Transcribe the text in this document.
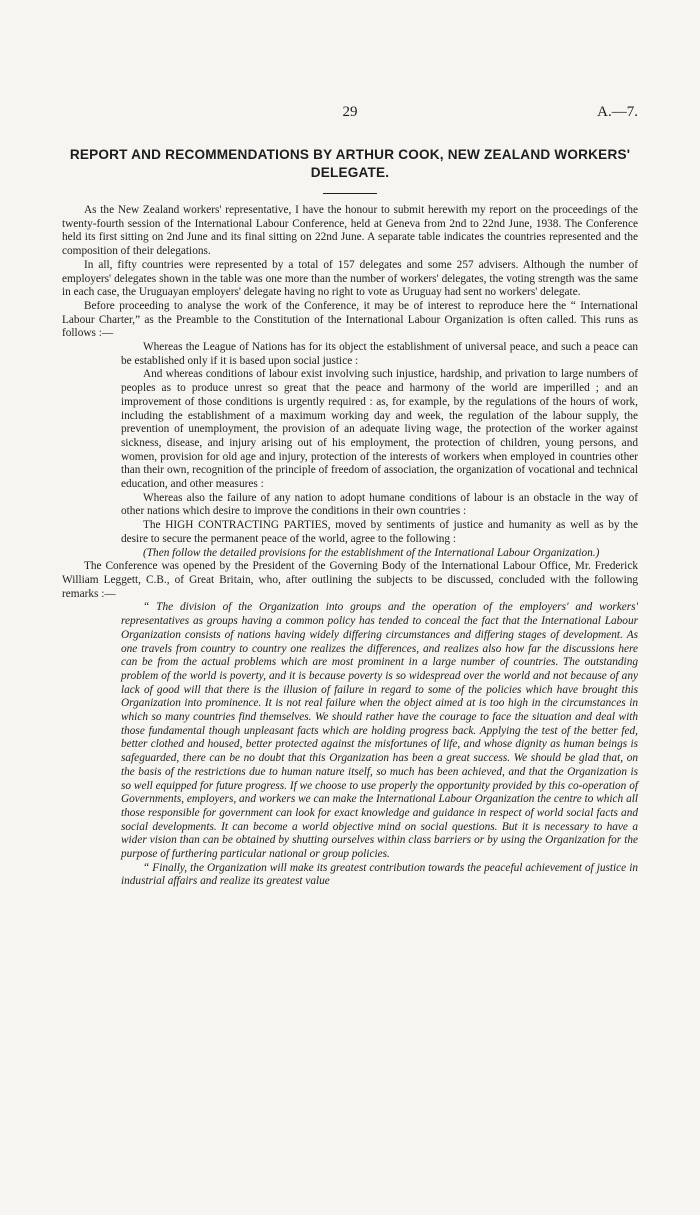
29	A.—7.
REPORT AND RECOMMENDATIONS BY ARTHUR COOK, NEW ZEALAND WORKERS' DELEGATE.

As the New Zealand workers' representative, I have the honour to submit herewith my report on the proceedings of the twenty-fourth session of the International Labour Conference, held at Geneva from 2nd to 22nd June, 1938. The Conference held its first sitting on 2nd June and its final sitting on 22nd June. A separate table indicates the countries represented and the composition of their delegations.

In all, fifty countries were represented by a total of 157 delegates and some 257 advisers. Although the number of employers' delegates shown in the table was one more than the number of workers' delegates, the voting strength was the same in each case, the Uruguayan employers' delegate having no right to vote as Uruguay had sent no workers' delegate.

Before proceeding to analyse the work of the Conference, it may be of interest to reproduce here the “ International Labour Charter,” as the Preamble to the Constitution of the International Labour Organization is often called. This runs as follows :—

Whereas the League of Nations has for its object the establishment of universal peace, and such a peace can be established only if it is based upon social justice :

And whereas conditions of labour exist involving such injustice, hardship, and privation to large numbers of peoples as to produce unrest so great that the peace and harmony of the world are imperilled ; and an improvement of those conditions is urgently required : as, for example, by the regulations of the hours of work, including the establishment of a maximum working day and week, the regulation of the labour supply, the prevention of unemployment, the provision of an adequate living wage, the protection of the worker against sickness, disease, and injury arising out of his employment, the protection of children, young persons, and women, provision for old age and injury, protection of the interests of workers when employed in countries other than their own, recognition of the principle of freedom of association, the organization of vocational and technical education, and other measures :

Whereas also the failure of any nation to adopt humane conditions of labour is an obstacle in the way of other nations which desire to improve the conditions in their own countries :

The HIGH CONTRACTING PARTIES, moved by sentiments of justice and humanity as well as by the desire to secure the permanent peace of the world, agree to the following :

(Then follow the detailed provisions for the establishment of the International Labour Organization.)

The Conference was opened by the President of the Governing Body of the International Labour Office, Mr. Frederick William Leggett, C.B., of Great Britain, who, after outlining the subjects to be discussed, concluded with the following remarks :—

“ The division of the Organization into groups and the operation of the employers' and workers' representatives as groups having a common policy has tended to conceal the fact that the International Labour Organization consists of nations having widely differing circumstances and differing stages of development. As one travels from country to country one realizes the differences, and realizes also how far the discussions here can be from the actual problems which are most prominent in a large number of countries. The outstanding problem of the world is poverty, and it is because poverty is so widespread over the world and not because of any lack of good will that there is the illusion of failure in regard to some of the policies which have brought this Organization into prominence. It is not real failure when the object aimed at is too high in the circumstances in which so many countries find themselves. We should rather have the courage to face the situation and deal with those fundamental though unpleasant facts which are holding progress back. Applying the test of the better fed, better clothed and housed, better protected against the misfortunes of life, and whose dignity as human beings is safeguarded, there can be no doubt that this Organization has been a great success. We should be glad that, on the basis of the restrictions due to human nature itself, so much has been achieved, and that the Organization is so well equipped for future progress. If we choose to use properly the opportunity provided by this co-operation of Governments, employers, and workers we can make the International Labour Organization the centre to which all those responsible for government can look for exact knowledge and guidance in respect of world social facts and social developments. It can become a world objective mind on social questions. But it is necessary to have a wider vision than can be obtained by shutting ourselves within class barriers or by using the Organization for the purpose of furthering particular national or group policies.

“ Finally, the Organization will make its greatest contribution towards the peaceful achievement of justice in industrial affairs and realize its greatest value
